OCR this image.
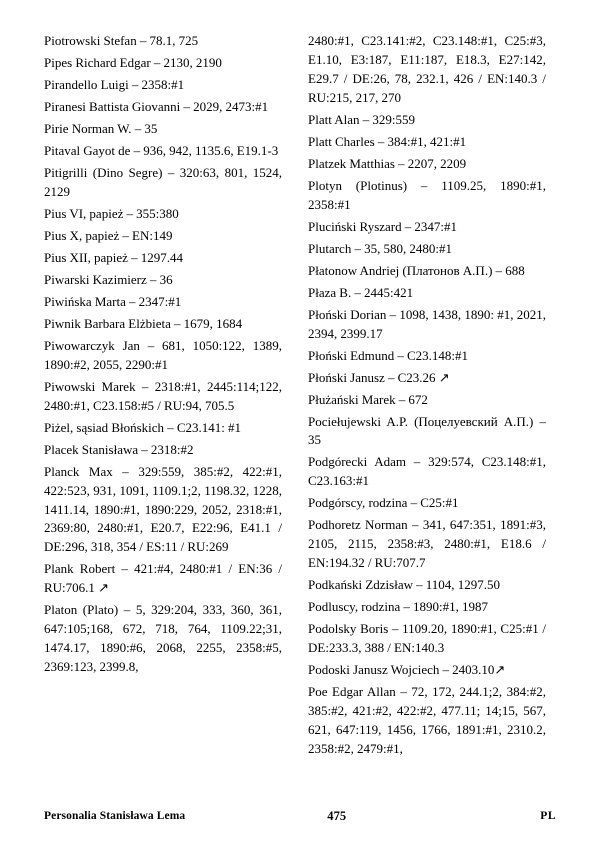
Piotrowski Stefan – 78.1, 725

Pipes Richard Edgar – 2130, 2190

Pirandello Luigi – 2358:#1

Piranesi Battista Giovanni – 2029, 2473:#1

Pirie Norman W. – 35

Pitaval Gayot de – 936, 942, 1135.6, E19.1-3

Pitigrilli (Dino Segre) – 320:63, 801, 1524, 2129

Pius VI, papież – 355:380

Pius X, papież – EN:149

Pius XII, papież – 1297.44

Piwarski Kazimierz – 36

Piwińska Marta – 2347:#1

Piwnik Barbara Elżbieta – 1679, 1684

Piwowarczyk Jan – 681, 1050:122, 1389, 1890:#2, 2055, 2290:#1

Piwowski Marek – 2318:#1, 2445:114;122, 2480:#1, C23.158:#5 / RU:94, 705.5

Piżel, sąsiad Błońskich – C23.141: #1

Placek Stanisława – 2318:#2

Planck Max – 329:559, 385:#2, 422:#1, 422:523, 931, 1091, 1109.1;2, 1198.32, 1228, 1411.14, 1890:#1, 1890:229, 2052, 2318:#1, 2369:80, 2480:#1, E20.7, E22:96, E41.1 / DE:296, 318, 354 / ES:11 / RU:269

Plank Robert – 421:#4, 2480:#1 / EN:36 / RU:706.1 ↗

Platon (Plato) – 5, 329:204, 333, 360, 361, 647:105;168, 672, 718, 764, 1109.22;31, 1474.17, 1890:#6, 2068, 2255, 2358:#5, 2369:123, 2399.8,

2480:#1, C23.141:#2, C23.148:#1, C25:#3, E1.10, E3:187, E11:187, E18.3, E27:142, E29.7 / DE:26, 78, 232.1, 426 / EN:140.3 / RU:215, 217, 270

Platt Alan – 329:559

Platt Charles – 384:#1, 421:#1

Platzek Matthias – 2207, 2209

Plotyn (Plotinus) – 1109.25, 1890:#1, 2358:#1

Pluciński Ryszard – 2347:#1

Plutarch – 35, 580, 2480:#1

Płatonow Andriej (Платонов А.П.) – 688

Płaza B. – 2445:421

Płoński Dorian – 1098, 1438, 1890: #1, 2021, 2394, 2399.17

Płoński Edmund – C23.148:#1

Płoński Janusz – C23.26 ↗

Płużański Marek – 672

Pociełujewski A.P. (Поцелуевский А.П.) – 35

Podgórecki Adam – 329:574, C23.148:#1, C23.163:#1

Podgórscy, rodzina – C25:#1

Podhoretz Norman – 341, 647:351, 1891:#3, 2105, 2115, 2358:#3, 2480:#1, E18.6 / EN:194.32 / RU:707.7

Podkański Zdzisław – 1104, 1297.50

Podluscy, rodzina – 1890:#1, 1987

Podolsky Boris – 1109.20, 1890:#1, C25:#1 / DE:233.3, 388 / EN:140.3

Podoski Janusz Wojciech – 2403.10↗

Poe Edgar Allan – 72, 172, 244.1;2, 384:#2, 385:#2, 421:#2, 422:#2, 477.11; 14;15, 567, 621, 647:119, 1456, 1766, 1891:#1, 2310.2, 2358:#2, 2479:#1,

Personalia Stanisława Lema	475	PL
